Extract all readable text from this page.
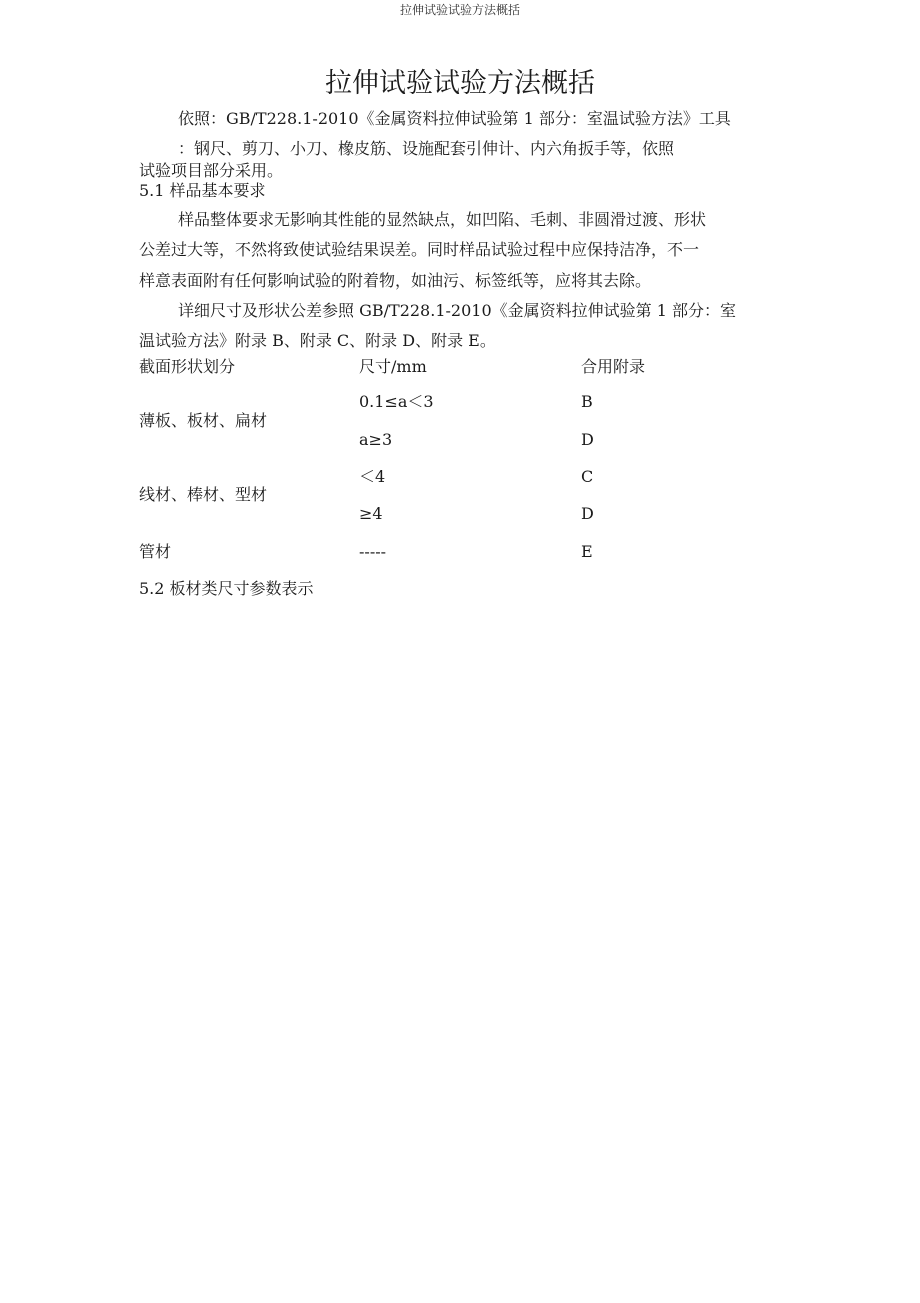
拉伸试验试验方法概括
拉伸试验试验方法概括
依照：GB/T228.1-2010《金属资料拉伸试验第 1 部分：室温试验方法》工具
：钢尺、剪刀、小刀、橡皮筋、设施配套引伸计、内六角扳手等，依照
试验项目部分采用。
5.1 样品基本要求
样品整体要求无影响其性能的显然缺点，如凹陷、毛刺、非圆滑过渡、形状
公差过大等，不然将致使试验结果误差。同时样品试验过程中应保持洁净，不一
样意表面附有任何影响试验的附着物，如油污、标签纸等，应将其去除。
详细尺寸及形状公差参照 GB/T228.1-2010《金属资料拉伸试验第 1 部分：室
温试验方法》附录 B、附录 C、附录 D、附录 E。
截面形状划分	尺寸/mm	合用附录
薄板、板材、扁材
0.1≤a＜3	B
a≥3	D
线材、棒材、型材
＜4	C
≥4	D
管材	-----	E
5.2 板材类尺寸参数表示
